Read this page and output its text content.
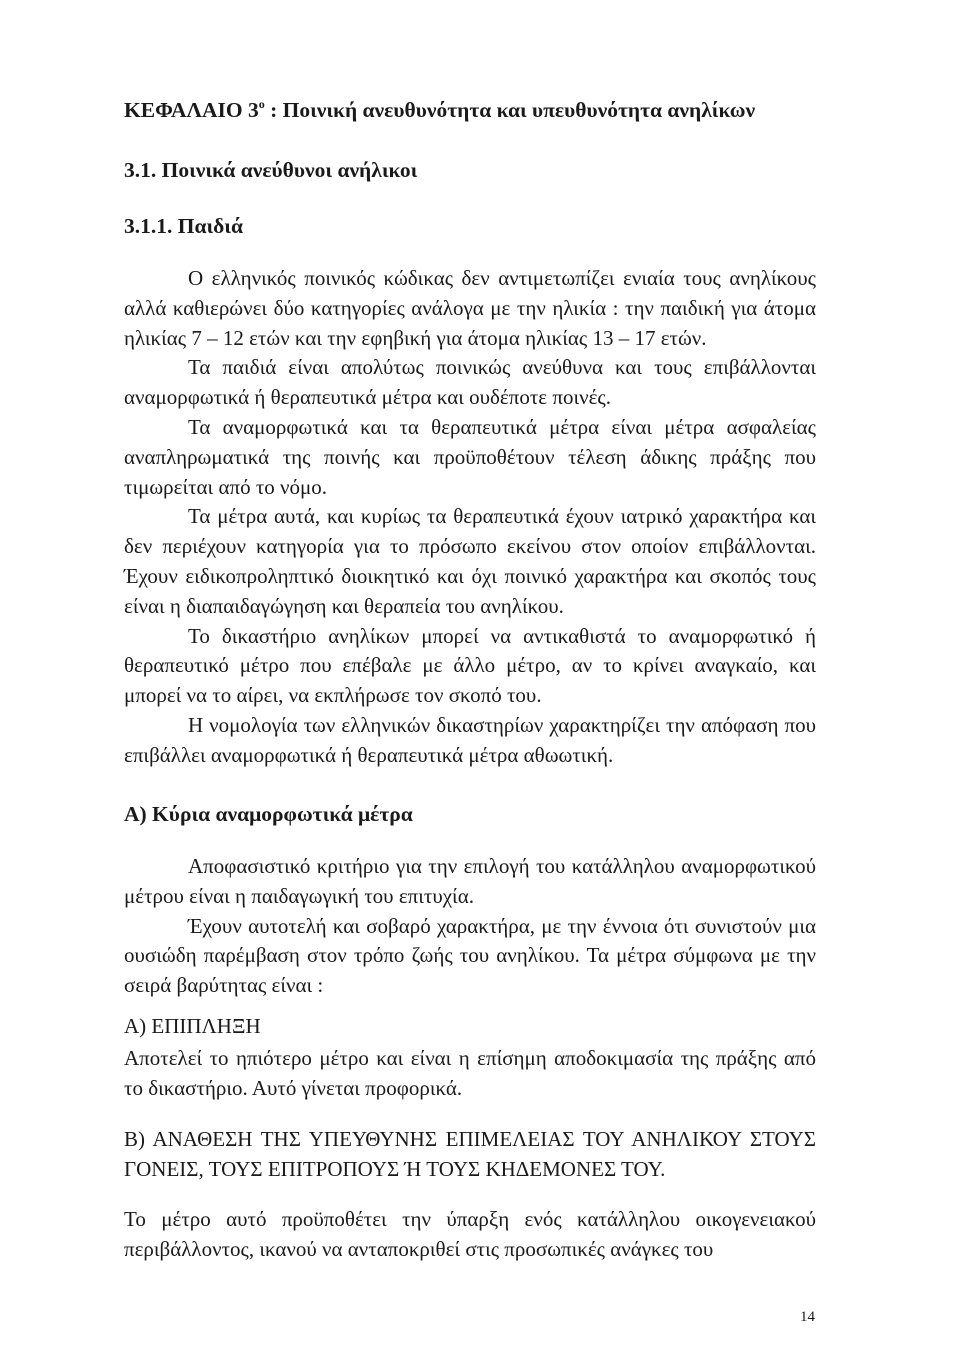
ΚΕΦΑΛΑΙΟ $3^o$ : Ποινική ανευθυνότητα και υπευθυνότητα ανηλίκων
3.1. Ποινικά ανεύθυνοι ανήλικοι
3.1.1. Παιδιά

Ο ελληνικός ποινικός κώδικας δεν αντιμετωπίζει ενιαία τους ανηλίκους αλλά καθιερώνει δύο κατηγορίες ανάλογα με την ηλικία : την παιδική για άτομα ηλικίας 7 – 12 ετών και την εφηβική για άτομα ηλικίας 13 – 17 ετών.

Τα παιδιά είναι απολύτως ποινικώς ανεύθυνα και τους επιβάλλονται αναμορφωτικά ή θεραπευτικά μέτρα και ουδέποτε ποινές.

Τα αναμορφωτικά και τα θεραπευτικά μέτρα είναι μέτρα ασφαλείας αναπληρωματικά της ποινής και προϋποθέτουν τέλεση άδικης πράξης που τιμωρείται από το νόμο.

Τα μέτρα αυτά, και κυρίως τα θεραπευτικά έχουν ιατρικό χαρακτήρα και δεν περιέχουν κατηγορία για το πρόσωπο εκείνου στον οποίον επιβάλλονται. Έχουν ειδικοπροληπτικό διοικητικό και όχι ποινικό χαρακτήρα και σκοπός τους είναι η διαπαιδαγώγηση και θεραπεία του ανηλίκου.

Το δικαστήριο ανηλίκων μπορεί να αντικαθιστά το αναμορφωτικό ή θεραπευτικό μέτρο που επέβαλε με άλλο μέτρο, αν το κρίνει αναγκαίο, και μπορεί να το αίρει, να εκπλήρωσε τον σκοπό του.

Η νομολογία των ελληνικών δικαστηρίων χαρακτηρίζει την απόφαση που επιβάλλει αναμορφωτικά ή θεραπευτικά μέτρα αθωωτική.

Α) Κύρια αναμορφωτικά μέτρα

Αποφασιστικό κριτήριο για την επιλογή του κατάλληλου αναμορφωτικού μέτρου είναι η παιδαγωγική του επιτυχία.

Έχουν αυτοτελή και σοβαρό χαρακτήρα, με την έννοια ότι συνιστούν μια ουσιώδη παρέμβαση στον τρόπο ζωής του ανηλίκου. Τα μέτρα σύμφωνα με την σειρά βαρύτητας είναι :

Α) ΕΠΙΠΛΗΞΗ

Αποτελεί το ηπιότερο μέτρο και είναι η επίσημη αποδοκιμασία της πράξης από το δικαστήριο. Αυτό γίνεται προφορικά.

Β) ΑΝΑΘΕΣΗ ΤΗΣ ΥΠΕΥΘΥΝΗΣ ΕΠΙΜΕΛΕΙΑΣ ΤΟΥ ΑΝΗΛΙΚΟΥ ΣΤΟΥΣ ΓΟΝΕΙΣ, ΤΟΥΣ ΕΠΙΤΡΟΠΟΥΣ Ή ΤΟΥΣ ΚΗΔΕΜΟΝΕΣ ΤΟΥ.

Το μέτρο αυτό προϋποθέτει την ύπαρξη ενός κατάλληλου οικογενειακού περιβάλλοντος, ικανού να ανταποκριθεί στις προσωπικές ανάγκες του

14
